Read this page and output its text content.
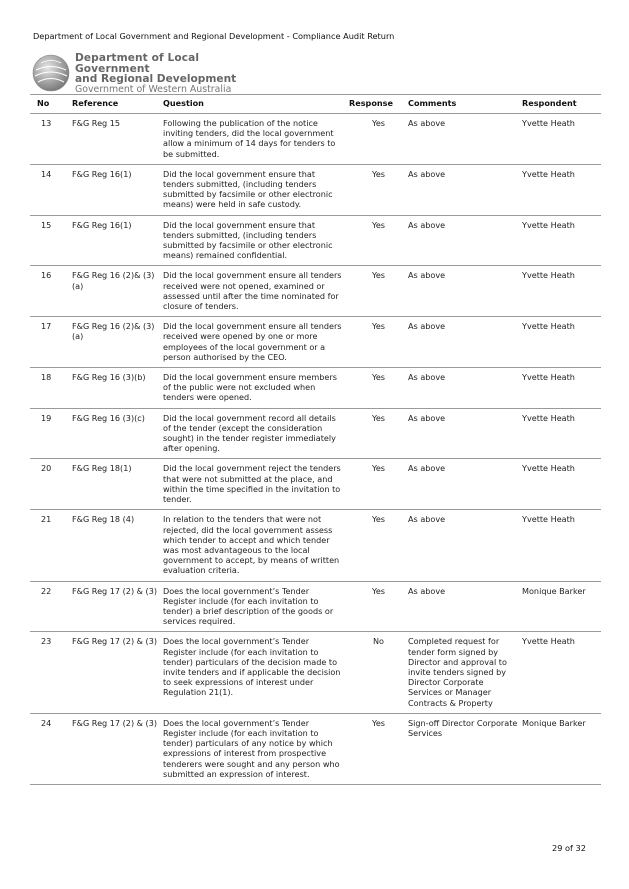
Department of Local Government and Regional Development - Compliance Audit Return
Department of Local Government
and Regional Development
Government of Western Australia
No	Reference	Question	Response	Comments	Respondent
13	F&G Reg 15	Following the publication of the notice inviting tenders, did the local government allow a minimum of 14 days for tenders to be submitted.	Yes	As above	Yvette Heath
14	F&G Reg 16(1)	Did the local government ensure that tenders submitted, (including tenders submitted by facsimile or other electronic means) were held in safe custody.	Yes	As above	Yvette Heath
15	F&G Reg 16(1)	Did the local government ensure that tenders submitted, (including tenders submitted by facsimile or other electronic means) remained confidential.	Yes	As above	Yvette Heath
16	F&G Reg 16 (2)& (3)(a)	Did the local government ensure all tenders received were not opened, examined or assessed until after the time nominated for closure of tenders.	Yes	As above	Yvette Heath
17	F&G Reg 16 (2)& (3)(a)	Did the local government ensure all tenders received were opened by one or more employees of the local government or a person authorised by the CEO.	Yes	As above	Yvette Heath
18	F&G Reg 16 (3)(b)	Did the local government ensure members of the public were not excluded when tenders were opened.	Yes	As above	Yvette Heath
19	F&G Reg 16 (3)(c)	Did the local government record all details of the tender (except the consideration sought) in the tender register immediately after opening.	Yes	As above	Yvette Heath
20	F&G Reg 18(1)	Did the local government reject the tenders that were not submitted at the place, and within the time specified in the invitation to tender.	Yes	As above	Yvette Heath
21	F&G Reg 18 (4)	In relation to the tenders that were not rejected, did the local government assess which tender to accept and which tender was most advantageous to the local government to accept, by means of written evaluation criteria.	Yes	As above	Yvette Heath
22	F&G Reg 17 (2) & (3)	Does the local government’s Tender Register include (for each invitation to tender) a brief description of the goods or services required.	Yes	As above	Monique Barker
23	F&G Reg 17 (2) & (3)	Does the local government’s Tender Register include (for each invitation to tender) particulars of the decision made to invite tenders and if applicable the decision to seek expressions of interest under Regulation 21(1).	No	Completed request for tender form signed by Director and approval to invite tenders signed by Director Corporate Services or Manager Contracts & Property	Yvette Heath
24	F&G Reg 17 (2) & (3)	Does the local government’s Tender Register include (for each invitation to tender) particulars of any notice by which expressions of interest from prospective tenderers were sought and any person who submitted an expression of interest.	Yes	Sign-off Director Corporate Services	Monique Barker
29 of 32
